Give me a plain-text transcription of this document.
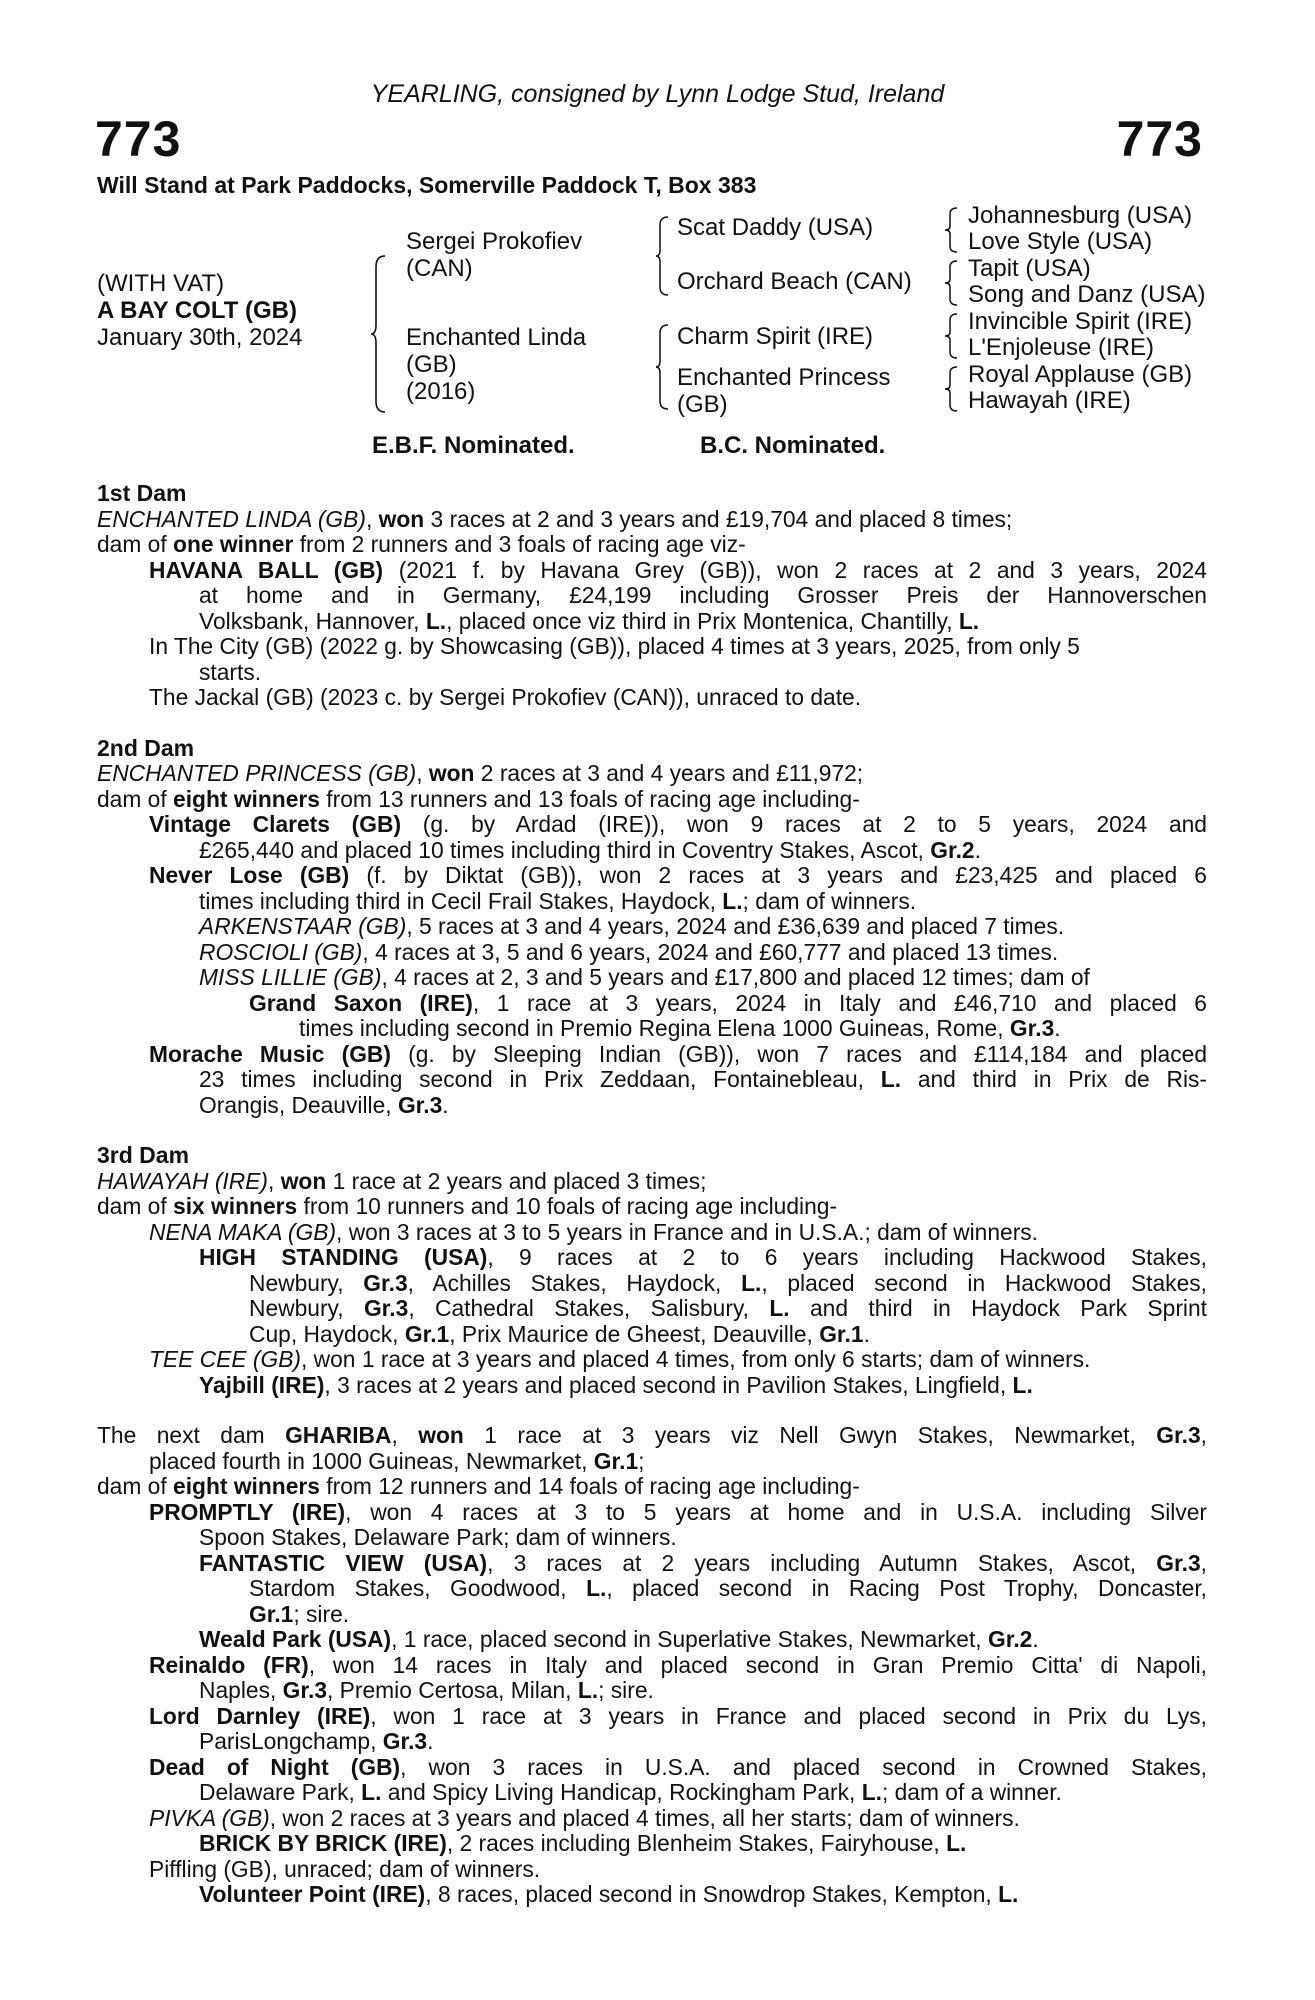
YEARLING, consigned by Lynn Lodge Stud, Ireland
773	773
Will Stand at Park Paddocks, Somerville Paddock T, Box 383
(WITH VAT)
A BAY COLT (GB)
January 30th, 2024
Sergei Prokofiev
(CAN)
Enchanted Linda
(GB)
(2016)
Scat Daddy (USA)
Orchard Beach (CAN)
Charm Spirit (IRE)
Enchanted Princess
(GB)
Johannesburg (USA)
Love Style (USA)
Tapit (USA)
Song and Danz (USA)
Invincible Spirit (IRE)
L'Enjoleuse (IRE)
Royal Applause (GB)
Hawayah (IRE)
E.B.F. Nominated.	B.C. Nominated.
1st Dam
ENCHANTED LINDA (GB), won 3 races at 2 and 3 years and £19,704 and placed 8 times;
dam of one winner from 2 runners and 3 foals of racing age viz-
HAVANA BALL (GB) (2021 f. by Havana Grey (GB)), won 2 races at 2 and 3 years, 2024
at home and in Germany, £24,199 including Grosser Preis der Hannoverschen
Volksbank, Hannover, L., placed once viz third in Prix Montenica, Chantilly, L.
In The City (GB) (2022 g. by Showcasing (GB)), placed 4 times at 3 years, 2025, from only 5
starts.
The Jackal (GB) (2023 c. by Sergei Prokofiev (CAN)), unraced to date.
2nd Dam
ENCHANTED PRINCESS (GB), won 2 races at 3 and 4 years and £11,972;
dam of eight winners from 13 runners and 13 foals of racing age including-
Vintage Clarets (GB) (g. by Ardad (IRE)), won 9 races at 2 to 5 years, 2024 and
£265,440 and placed 10 times including third in Coventry Stakes, Ascot, Gr.2.
Never Lose (GB) (f. by Diktat (GB)), won 2 races at 3 years and £23,425 and placed 6
times including third in Cecil Frail Stakes, Haydock, L.; dam of winners.
ARKENSTAAR (GB), 5 races at 3 and 4 years, 2024 and £36,639 and placed 7 times.
ROSCIOLI (GB), 4 races at 3, 5 and 6 years, 2024 and £60,777 and placed 13 times.
MISS LILLIE (GB), 4 races at 2, 3 and 5 years and £17,800 and placed 12 times; dam of
Grand Saxon (IRE), 1 race at 3 years, 2024 in Italy and £46,710 and placed 6
times including second in Premio Regina Elena 1000 Guineas, Rome, Gr.3.
Morache Music (GB) (g. by Sleeping Indian (GB)), won 7 races and £114,184 and placed
23 times including second in Prix Zeddaan, Fontainebleau, L. and third in Prix de Ris-
Orangis, Deauville, Gr.3.
3rd Dam
HAWAYAH (IRE), won 1 race at 2 years and placed 3 times;
dam of six winners from 10 runners and 10 foals of racing age including-
NENA MAKA (GB), won 3 races at 3 to 5 years in France and in U.S.A.; dam of winners.
HIGH STANDING (USA), 9 races at 2 to 6 years including Hackwood Stakes,
Newbury, Gr.3, Achilles Stakes, Haydock, L., placed second in Hackwood Stakes,
Newbury, Gr.3, Cathedral Stakes, Salisbury, L. and third in Haydock Park Sprint
Cup, Haydock, Gr.1, Prix Maurice de Gheest, Deauville, Gr.1.
TEE CEE (GB), won 1 race at 3 years and placed 4 times, from only 6 starts; dam of winners.
Yajbill (IRE), 3 races at 2 years and placed second in Pavilion Stakes, Lingfield, L.
The next dam GHARIBA, won 1 race at 3 years viz Nell Gwyn Stakes, Newmarket, Gr.3,
placed fourth in 1000 Guineas, Newmarket, Gr.1;
dam of eight winners from 12 runners and 14 foals of racing age including-
PROMPTLY (IRE), won 4 races at 3 to 5 years at home and in U.S.A. including Silver
Spoon Stakes, Delaware Park; dam of winners.
FANTASTIC VIEW (USA), 3 races at 2 years including Autumn Stakes, Ascot, Gr.3,
Stardom Stakes, Goodwood, L., placed second in Racing Post Trophy, Doncaster,
Gr.1; sire.
Weald Park (USA), 1 race, placed second in Superlative Stakes, Newmarket, Gr.2.
Reinaldo (FR), won 14 races in Italy and placed second in Gran Premio Citta' di Napoli,
Naples, Gr.3, Premio Certosa, Milan, L.; sire.
Lord Darnley (IRE), won 1 race at 3 years in France and placed second in Prix du Lys,
ParisLongchamp, Gr.3.
Dead of Night (GB), won 3 races in U.S.A. and placed second in Crowned Stakes,
Delaware Park, L. and Spicy Living Handicap, Rockingham Park, L.; dam of a winner.
PIVKA (GB), won 2 races at 3 years and placed 4 times, all her starts; dam of winners.
BRICK BY BRICK (IRE), 2 races including Blenheim Stakes, Fairyhouse, L.
Piffling (GB), unraced; dam of winners.
Volunteer Point (IRE), 8 races, placed second in Snowdrop Stakes, Kempton, L.
